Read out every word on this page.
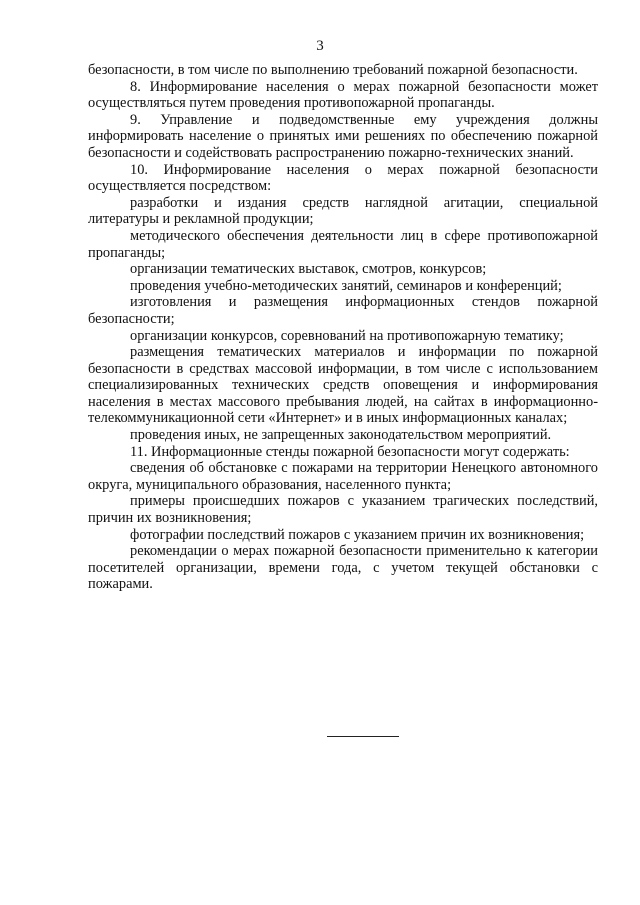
3

безопасности, в том числе по выполнению требований пожарной безопасности.

8. Информирование населения о мерах пожарной безопасности может осуществляться путем проведения противопожарной пропаганды.

9. Управление и подведомственные ему учреждения должны информировать население о принятых ими решениях по обеспечению пожарной безопасности и содействовать распространению пожарно-технических знаний.

10. Информирование населения о мерах пожарной безопасности осуществляется посредством:

разработки и издания средств наглядной агитации, специальной литературы и рекламной продукции;

методического обеспечения деятельности лиц в сфере противопожарной пропаганды;

организации тематических выставок, смотров, конкурсов;

проведения учебно-методических занятий, семинаров и конференций;

изготовления и размещения информационных стендов пожарной безопасности;

организации конкурсов, соревнований на противопожарную тематику;

размещения тематических материалов и информации по пожарной безопасности в средствах массовой информации, в том числе с использованием специализированных технических средств оповещения и информирования населения в местах массового пребывания людей, на сайтах в информационно-телекоммуникационной сети «Интернет» и в иных информационных каналах;

проведения иных, не запрещенных законодательством мероприятий.

11. Информационные стенды пожарной безопасности могут содержать:

сведения об обстановке с пожарами на территории Ненецкого автономного округа, муниципального образования, населенного пункта;

примеры происшедших пожаров с указанием трагических последствий, причин их возникновения;

фотографии последствий пожаров с указанием причин их возникновения;

рекомендации о мерах пожарной безопасности применительно к категории посетителей организации, времени года, с учетом текущей обстановки с пожарами.
